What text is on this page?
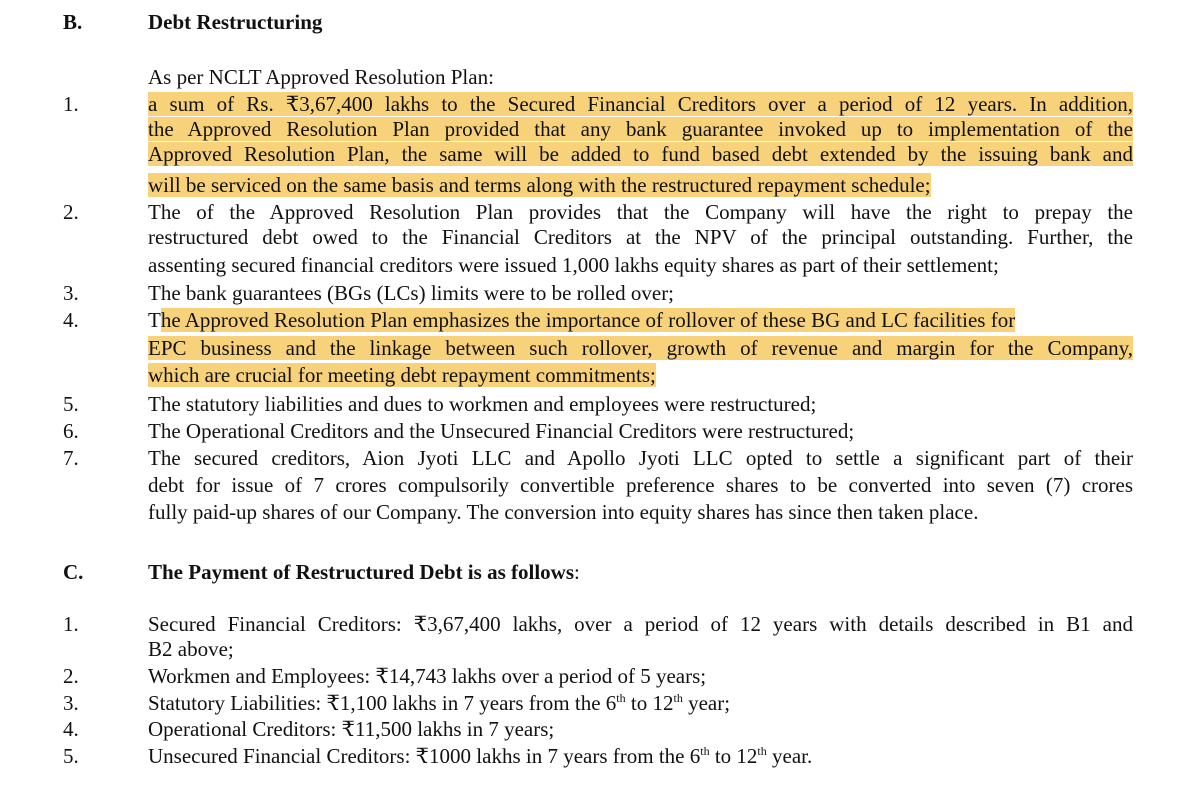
B.	Debt Restructuring
As per NCLT Approved Resolution Plan:
1.	a sum of Rs. ₹3,67,400 lakhs to the Secured Financial Creditors over a period of 12 years. In addition,
the Approved Resolution Plan provided that any bank guarantee invoked up to implementation of the
Approved Resolution Plan, the same will be added to fund based debt extended by the issuing bank and
will be serviced on the same basis and terms along with the restructured repayment schedule;
2.	The of the Approved Resolution Plan provides that the Company will have the right to prepay the
restructured debt owed to the Financial Creditors at the NPV of the principal outstanding. Further, the
assenting secured financial creditors were issued 1,000 lakhs equity shares as part of their settlement;
3.	The bank guarantees (BGs (LCs) limits were to be rolled over;
4.	The Approved Resolution Plan emphasizes the importance of rollover of these BG and LC facilities for
EPC business and the linkage between such rollover, growth of revenue and margin for the Company,
which are crucial for meeting debt repayment commitments;
5.	The statutory liabilities and dues to workmen and employees were restructured;
6.	The Operational Creditors and the Unsecured Financial Creditors were restructured;
7.	The secured creditors, Aion Jyoti LLC and Apollo Jyoti LLC opted to settle a significant part of their
debt for issue of 7 crores compulsorily convertible preference shares to be converted into seven (7) crores
fully paid-up shares of our Company. The conversion into equity shares has since then taken place.
C.	The Payment of Restructured Debt is as follows:
1.	Secured Financial Creditors: ₹3,67,400 lakhs, over a period of 12 years with details described in B1 and
B2 above;
2.	Workmen and Employees: ₹14,743 lakhs over a period of 5 years;
3.	Statutory Liabilities: ₹1,100 lakhs in 7 years from the 6th to 12th year;
4.	Operational Creditors: ₹11,500 lakhs in 7 years;
5.	Unsecured Financial Creditors: ₹1000 lakhs in 7 years from the 6th to 12th year.
